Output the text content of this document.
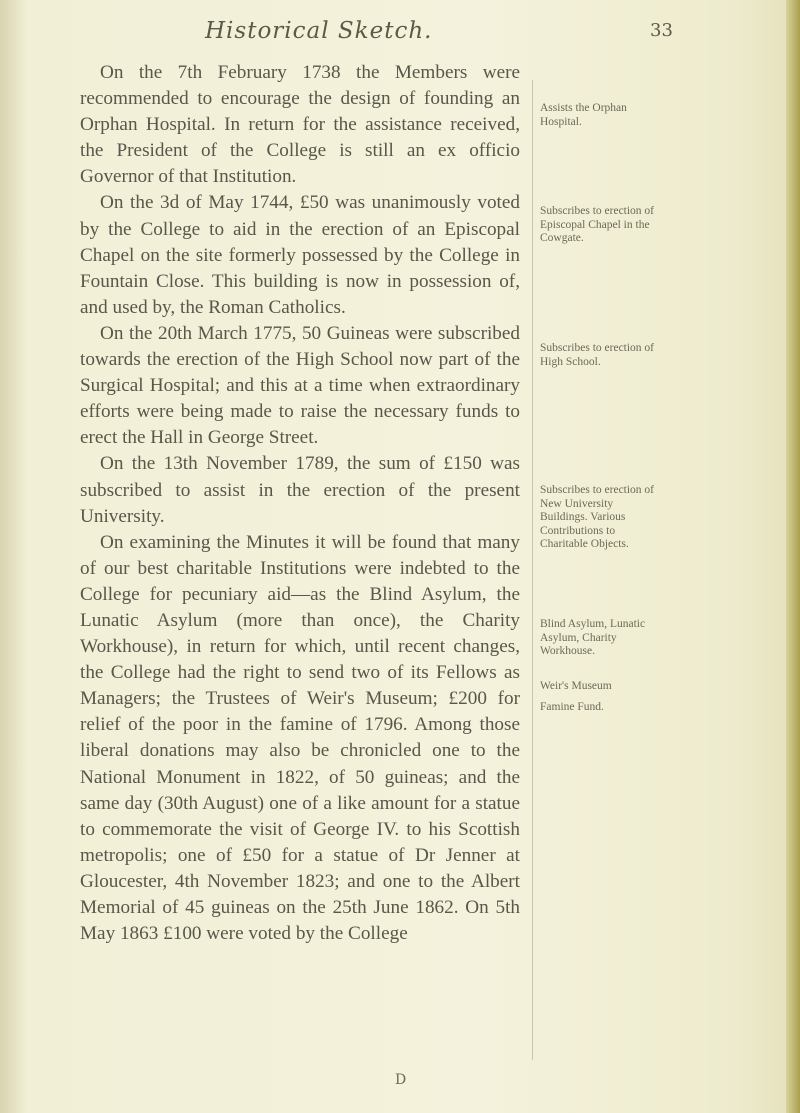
Historical Sketch.	33

On the 7th February 1738 the Members were recommended to encourage the design of founding an Orphan Hospital. In return for the assistance received, the President of the College is still an ex officio Governor of that Institution.

On the 3d of May 1744, £50 was unanimously voted by the College to aid in the erection of an Episcopal Chapel on the site formerly possessed by the College in Fountain Close. This building is now in possession of, and used by, the Roman Catholics.

On the 20th March 1775, 50 Guineas were subscribed towards the erection of the High School now part of the Surgical Hospital; and this at a time when extraordinary efforts were being made to raise the necessary funds to erect the Hall in George Street.

On the 13th November 1789, the sum of £150 was subscribed to assist in the erection of the present University.

On examining the Minutes it will be found that many of our best charitable Institutions were indebted to the College for pecuniary aid—as the Blind Asylum, the Lunatic Asylum (more than once), the Charity Workhouse), in return for which, until recent changes, the College had the right to send two of its Fellows as Managers; the Trustees of Weir's Museum; £200 for relief of the poor in the famine of 1796. Among those liberal donations may also be chronicled one to the National Monument in 1822, of 50 guineas; and the same day (30th August) one of a like amount for a statue to commemorate the visit of George IV. to his Scottish metropolis; one of £50 for a statue of Dr Jenner at Gloucester, 4th November 1823; and one to the Albert Memorial of 45 guineas on the 25th June 1862. On 5th May 1863 £100 were voted by the College

Assists the Orphan Hospital.
Subscribes to erection of Episcopal Chapel in the Cowgate.
Subscribes to erection of High School.
Subscribes to erection of New University Buildings. Various Contributions to Charitable Objects.
Blind Asylum, Lunatic Asylum, Charity Workhouse.
Weir's Museum
Famine Fund.
D
